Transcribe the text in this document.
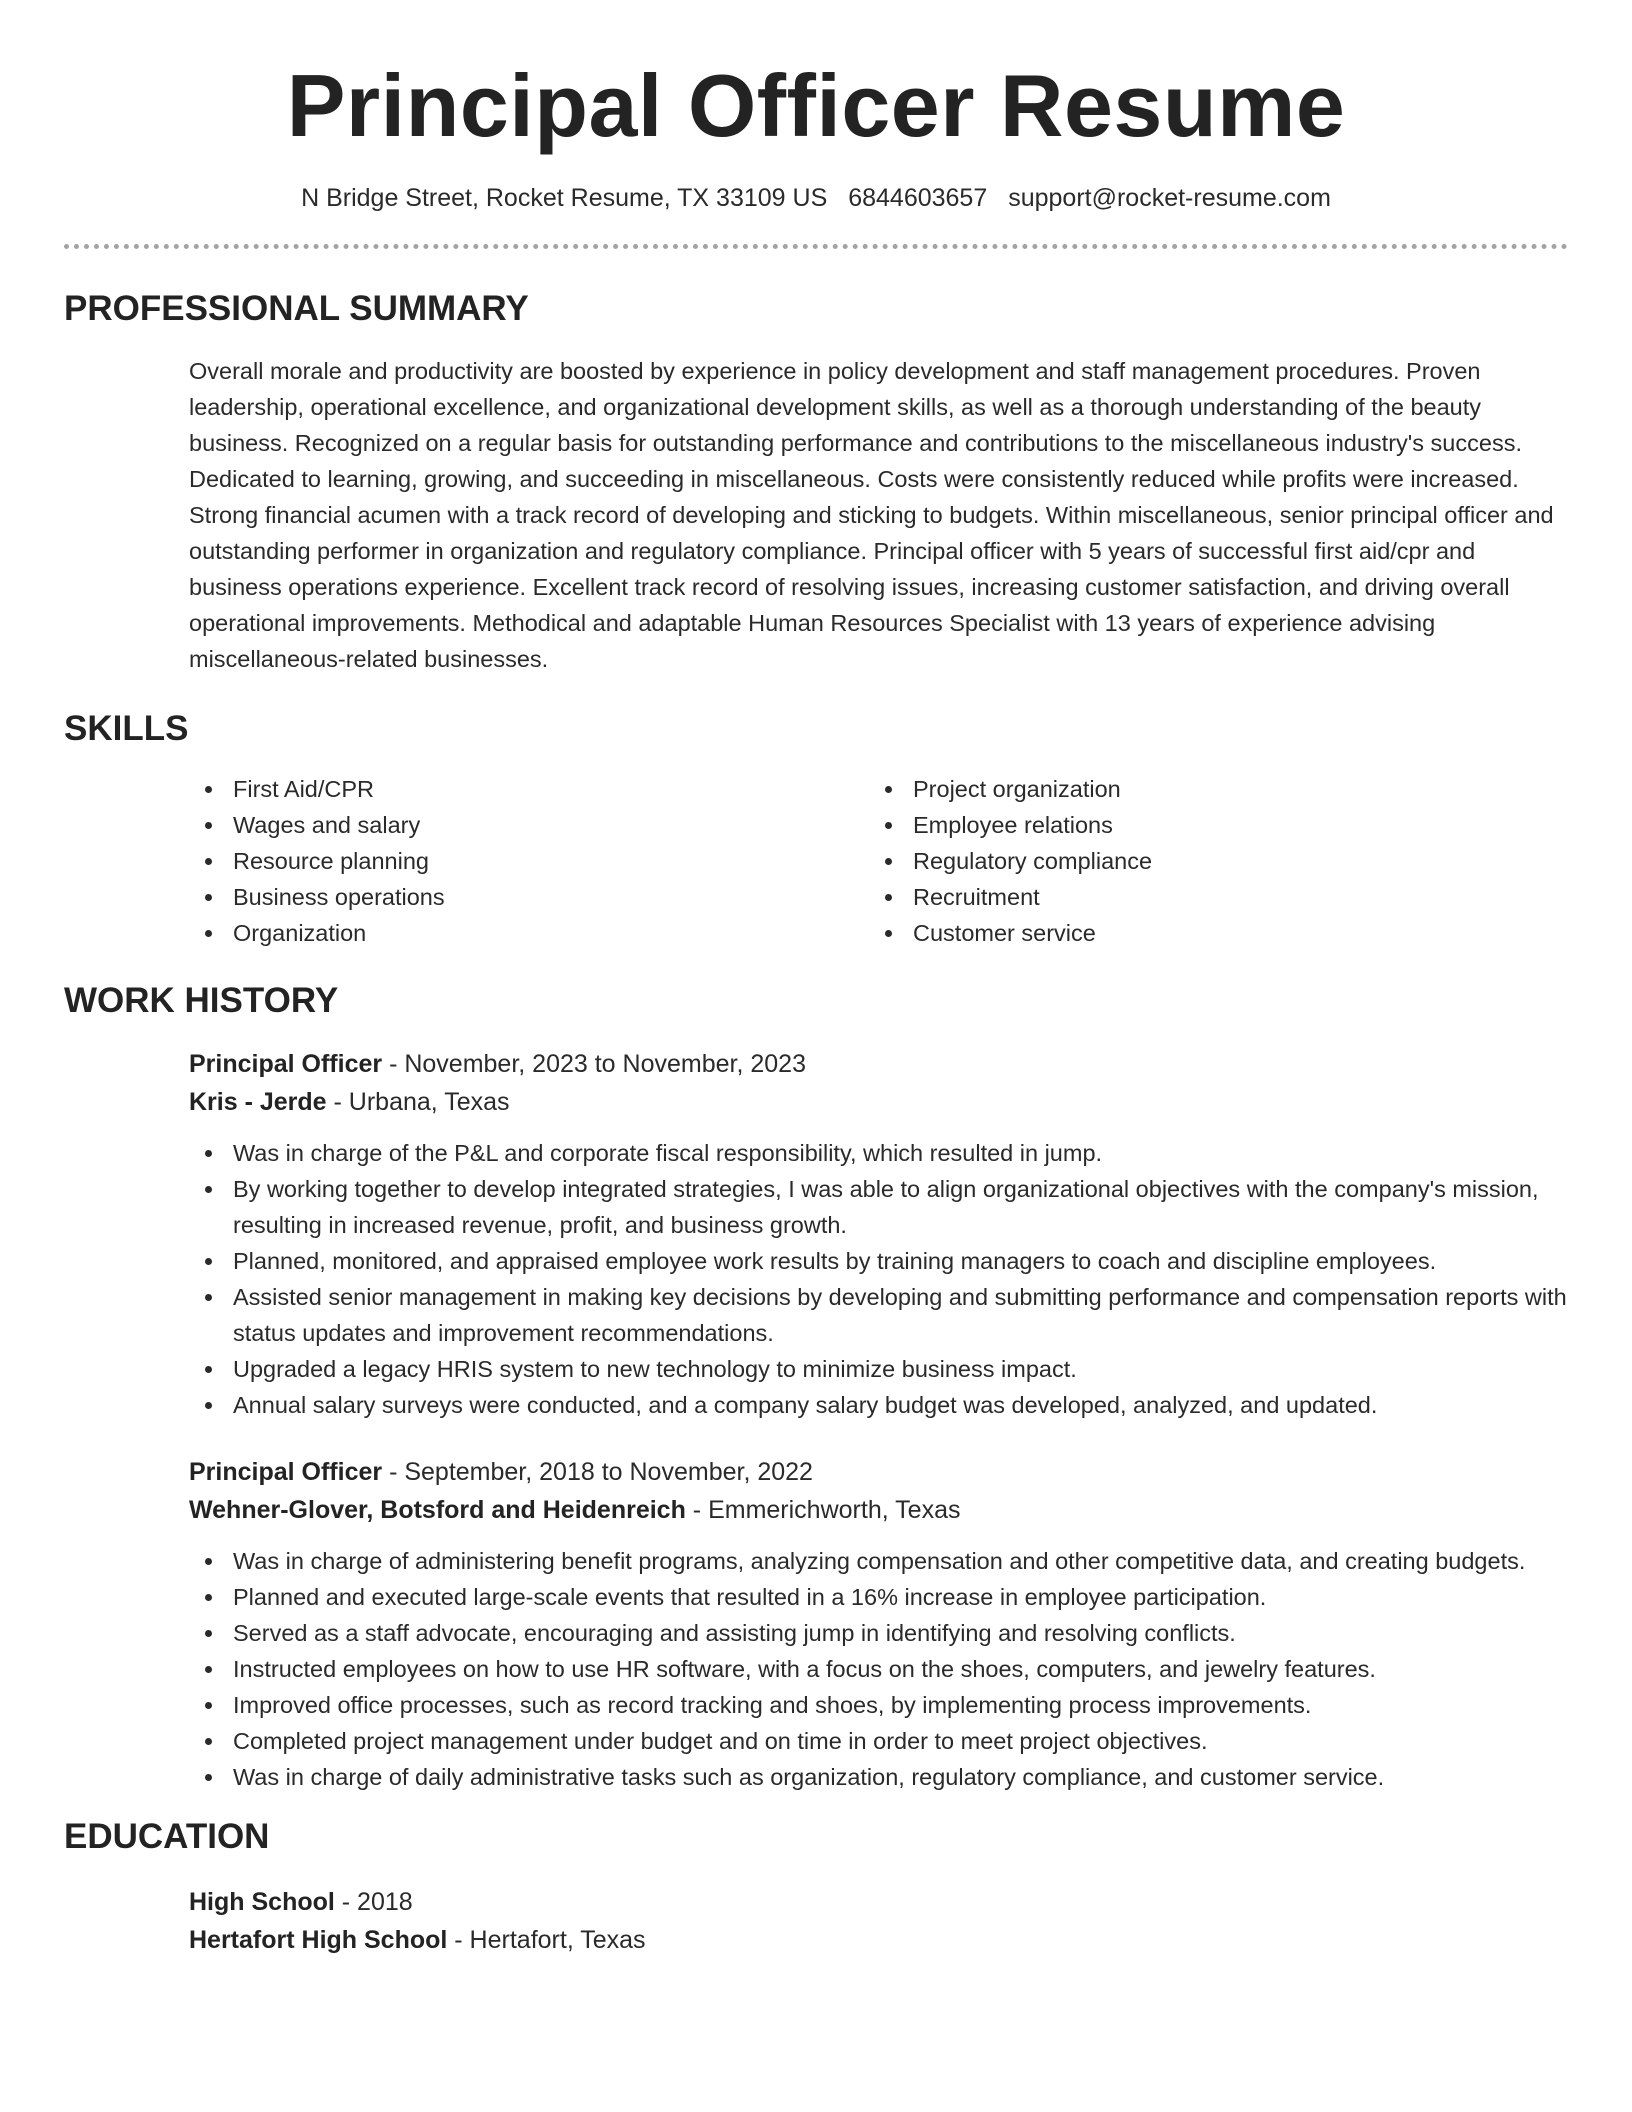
Principal Officer Resume
N Bridge Street, Rocket Resume, TX 33109 US 6844603657 support@rocket-resume.com
PROFESSIONAL SUMMARY

Overall morale and productivity are boosted by experience in policy development and staff management procedures. Proven leadership, operational excellence, and organizational development skills, as well as a thorough understanding of the beauty business. Recognized on a regular basis for outstanding performance and contributions to the miscellaneous industry's success. Dedicated to learning, growing, and succeeding in miscellaneous. Costs were consistently reduced while profits were increased. Strong financial acumen with a track record of developing and sticking to budgets. Within miscellaneous, senior principal officer and outstanding performer in organization and regulatory compliance. Principal officer with 5 years of successful first aid/cpr and business operations experience. Excellent track record of resolving issues, increasing customer satisfaction, and driving overall operational improvements. Methodical and adaptable Human Resources Specialist with 13 years of experience advising miscellaneous-related businesses.

SKILLS
First Aid/CPR
Wages and salary
Resource planning
Business operations
Organization
Project organization
Employee relations
Regulatory compliance
Recruitment
Customer service
WORK HISTORY
Principal Officer - November, 2023 to November, 2023
Kris - Jerde - Urbana, Texas
Was in charge of the P&L and corporate fiscal responsibility, which resulted in jump.
By working together to develop integrated strategies, I was able to align organizational objectives with the company's mission, resulting in increased revenue, profit, and business growth.
Planned, monitored, and appraised employee work results by training managers to coach and discipline employees.
Assisted senior management in making key decisions by developing and submitting performance and compensation reports with status updates and improvement recommendations.
Upgraded a legacy HRIS system to new technology to minimize business impact.
Annual salary surveys were conducted, and a company salary budget was developed, analyzed, and updated.
Principal Officer - September, 2018 to November, 2022
Wehner-Glover, Botsford and Heidenreich - Emmerichworth, Texas
Was in charge of administering benefit programs, analyzing compensation and other competitive data, and creating budgets.
Planned and executed large-scale events that resulted in a 16% increase in employee participation.
Served as a staff advocate, encouraging and assisting jump in identifying and resolving conflicts.
Instructed employees on how to use HR software, with a focus on the shoes, computers, and jewelry features.
Improved office processes, such as record tracking and shoes, by implementing process improvements.
Completed project management under budget and on time in order to meet project objectives.
Was in charge of daily administrative tasks such as organization, regulatory compliance, and customer service.
EDUCATION
High School - 2018
Hertafort High School - Hertafort, Texas
